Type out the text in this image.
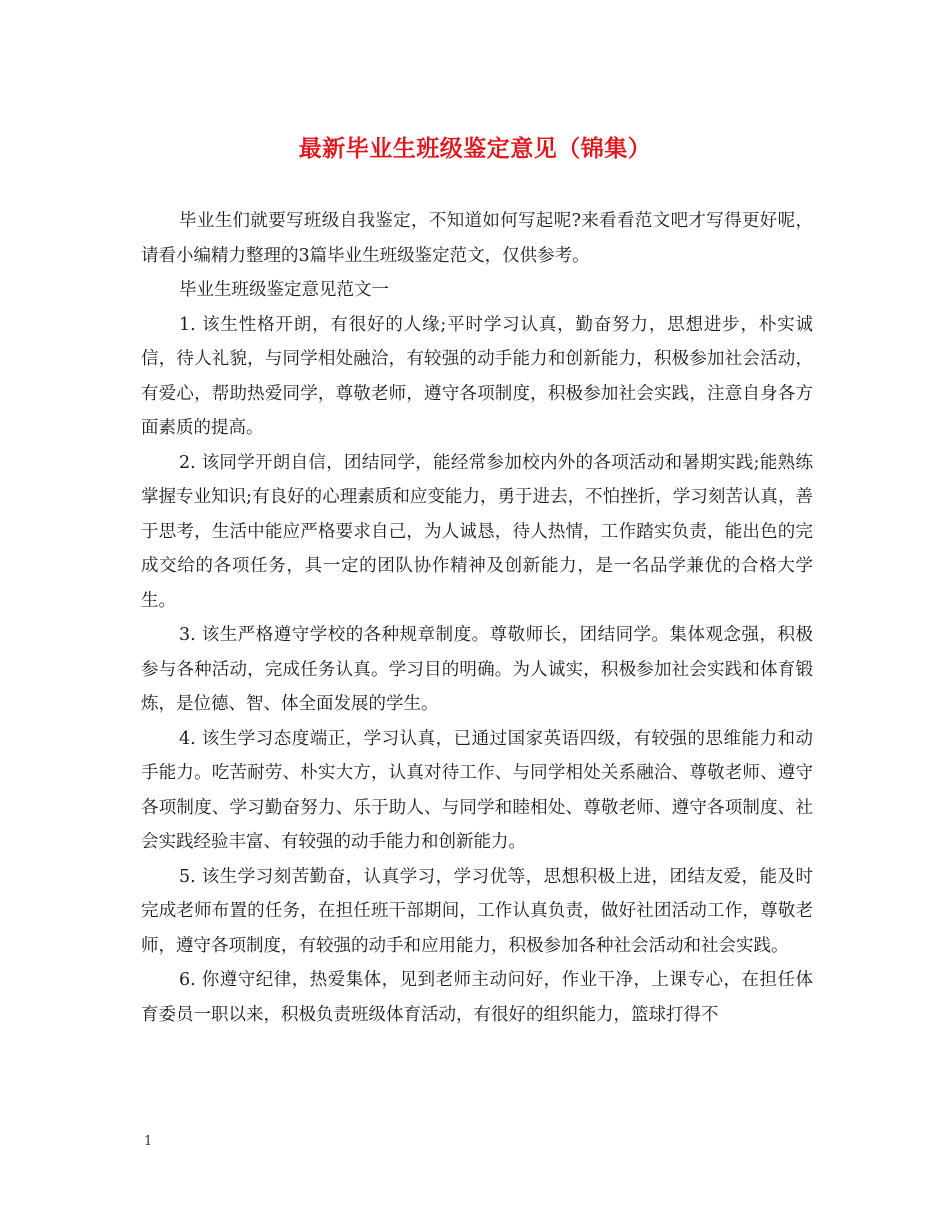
最新毕业生班级鉴定意见（锦集）

毕业生们就要写班级自我鉴定，不知道如何写起呢?来看看范文吧才写得更好呢，请看小编精力整理的3篇毕业生班级鉴定范文，仅供参考。

毕业生班级鉴定意见范文一

1. 该生性格开朗，有很好的人缘;平时学习认真，勤奋努力，思想进步，朴实诚信，待人礼貌，与同学相处融洽，有较强的动手能力和创新能力，积极参加社会活动，有爱心，帮助热爱同学，尊敬老师，遵守各项制度，积极参加社会实践，注意自身各方面素质的提高。

2. 该同学开朗自信，团结同学，能经常参加校内外的各项活动和暑期实践;能熟练掌握专业知识;有良好的心理素质和应变能力，勇于进去，不怕挫折，学习刻苦认真，善于思考，生活中能应严格要求自己，为人诚恳，待人热情，工作踏实负责，能出色的完成交给的各项任务，具一定的团队协作精神及创新能力，是一名品学兼优的合格大学生。

3. 该生严格遵守学校的各种规章制度。尊敬师长，团结同学。集体观念强，积极参与各种活动，完成任务认真。学习目的明确。为人诚实，积极参加社会实践和体育锻炼，是位德、智、体全面发展的学生。

4. 该生学习态度端正，学习认真，已通过国家英语四级，有较强的思维能力和动手能力。吃苦耐劳、朴实大方，认真对待工作、与同学相处关系融洽、尊敬老师、遵守各项制度、学习勤奋努力、乐于助人、与同学和睦相处、尊敬老师、遵守各项制度、社会实践经验丰富、有较强的动手能力和创新能力。

5. 该生学习刻苦勤奋，认真学习，学习优等，思想积极上进，团结友爱，能及时完成老师布置的任务，在担任班干部期间，工作认真负责，做好社团活动工作，尊敬老师，遵守各项制度，有较强的动手和应用能力，积极参加各种社会活动和社会实践。

6. 你遵守纪律，热爱集体，见到老师主动问好，作业干净，上课专心，在担任体育委员一职以来，积极负责班级体育活动，有很好的组织能力，篮球打得不

1
